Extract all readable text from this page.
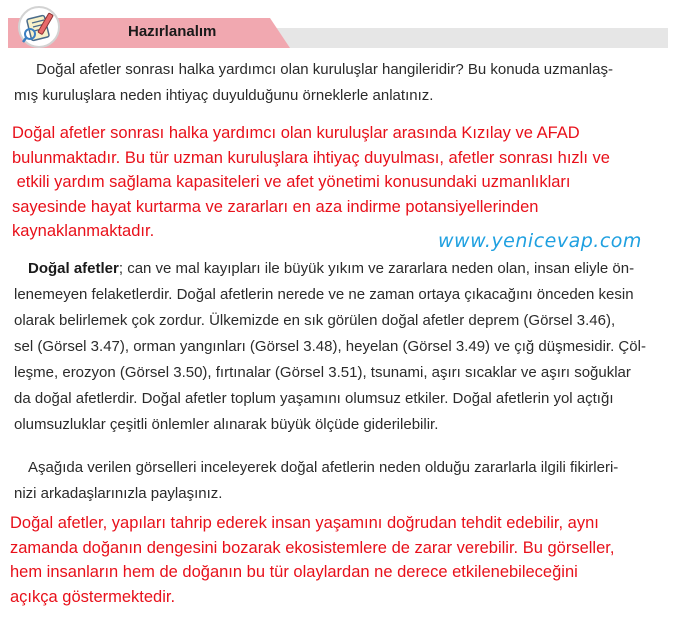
Hazırlanalım
Doğal afetler sonrası halka yardımcı olan kuruluşlar hangileridir? Bu konuda uzmanlaş-
mış kuruluşlara neden ihtiyaç duyulduğunu örneklerle anlatınız.
Doğal afetler sonrası halka yardımcı olan kuruluşlar arasında Kızılay ve AFAD
bulunmaktadır. Bu tür uzman kuruluşlara ihtiyaç duyulması, afetler sonrası hızlı ve
etkili yardım sağlama kapasiteleri ve afet yönetimi konusundaki uzmanlıkları
sayesinde hayat kurtarma ve zararları en aza indirme potansiyellerinden
kaynaklanmaktadır.	www.yenicevap.com
Doğal afetler; can ve mal kayıpları ile büyük yıkım ve zararlara neden olan, insan eliyle ön-
lenemeyen felaketlerdir. Doğal afetlerin nerede ve ne zaman ortaya çıkacağını önceden kesin
olarak belirlemek çok zordur. Ülkemizde en sık görülen doğal afetler deprem (Görsel 3.46),
sel (Görsel 3.47), orman yangınları (Görsel 3.48), heyelan (Görsel 3.49) ve çığ düşmesidir. Çöl-
leşme, erozyon (Görsel 3.50), fırtınalar (Görsel 3.51), tsunami, aşırı sıcaklar ve aşırı soğuklar
da doğal afetlerdir. Doğal afetler toplum yaşamını olumsuz etkiler. Doğal afetlerin yol açtığı
olumsuzluklar çeşitli önlemler alınarak büyük ölçüde giderilebilir.
Aşağıda verilen görselleri inceleyerek doğal afetlerin neden olduğu zararlarla ilgili fikirleri-
nizi arkadaşlarınızla paylaşınız.
Doğal afetler, yapıları tahrip ederek insan yaşamını doğrudan tehdit edebilir, aynı
zamanda doğanın dengesini bozarak ekosistemlere de zarar verebilir. Bu görseller,
hem insanların hem de doğanın bu tür olaylardan ne derece etkilenebileceğini
açıkça göstermektedir.
